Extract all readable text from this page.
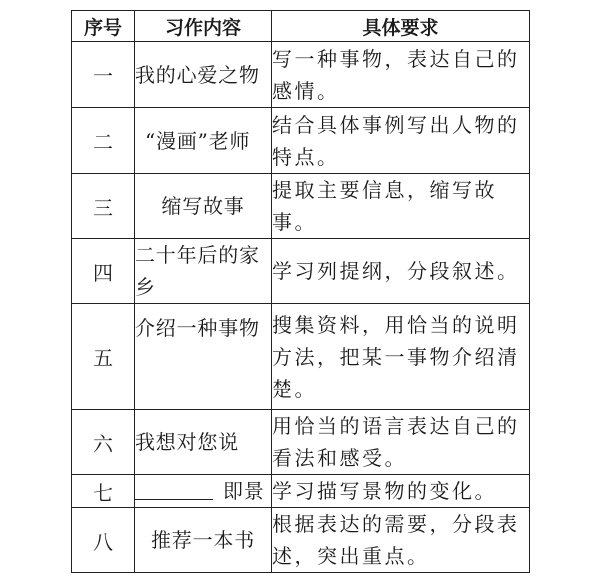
序号	习作内容	具体要求
一	我的心爱之物	写一种事物，表达自己的感情。
二	“漫画”老师	结合具体事例写出人物的特点。
三	缩写故事	提取主要信息，缩写故事。
四	二十年后的家乡	学习列提纲，分段叙述。
五	介绍一种事物	搜集资料，用恰当的说明方法，把某一事物介绍清楚。
六	我想对您说	用恰当的语言表达自己的看法和感受。
七	即景	学习描写景物的变化。
八	推荐一本书	根据表达的需要，分段表述，突出重点。
